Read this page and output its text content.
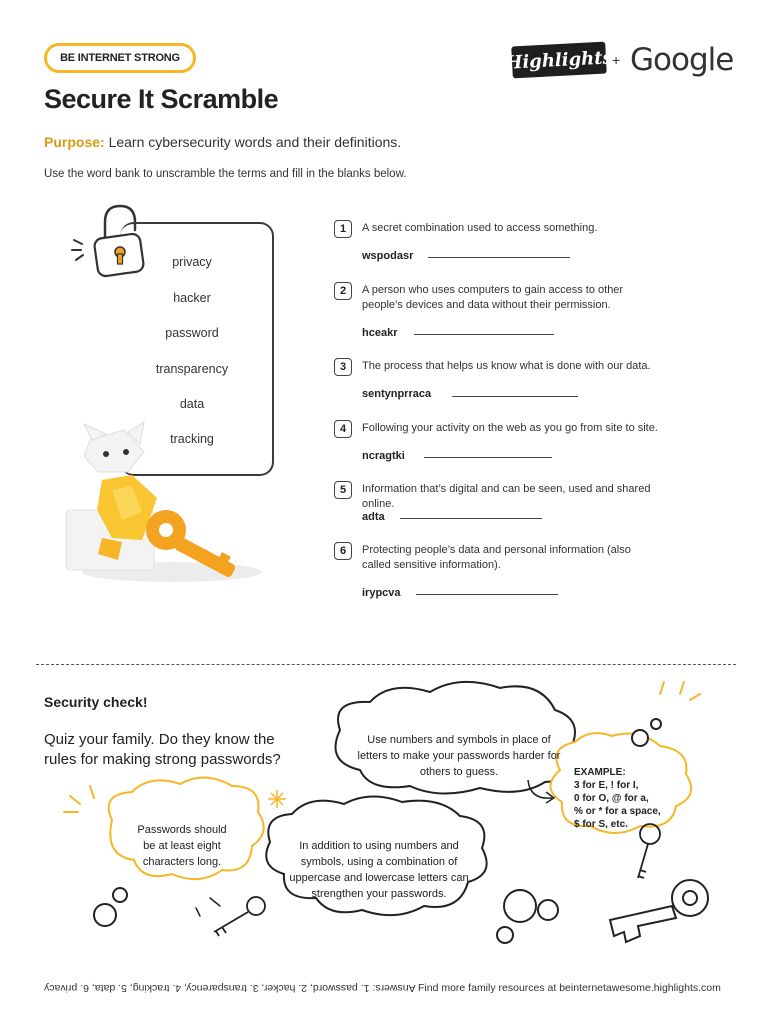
BE INTERNET STRONG	Highlights
+ Google
Secure It Scramble
Purpose: Learn cybersecurity words and their definitions.
Use the word bank to unscramble the terms and fill in the blanks below.
privacy
hacker
password
transparency
data
tracking
1	A secret combination used to access something.
wspodasr
2	A person who uses computers to gain access to other people’s devices and data without their permission.
hceakr
3	The process that helps us know what is done with our data.
sentynprraca
4	Following your activity on the web as you go from site to site.
ncragtki
5	Information that’s digital and can be seen, used and shared online.
adta
6	Protecting people’s data and personal information (also called sensitive information).
irypcva
Security check!
Quiz your family. Do they know the rules for making strong passwords?
Use numbers and symbols in place of letters to make your passwords harder for others to guess.	EXAMPLE:
3 for E, ! for I,
0 for O, @ for a,
% or * for a space,
$ for S, etc.
Passwords should be at least eight characters long.
In addition to using numbers and symbols, using a combination of uppercase and lowercase letters can strengthen your passwords.
Answers: 1. password, 2. hacker, 3. transparency, 4. tracking, 5. data, 6. privacy Find more family resources at beinternetawesome.highlights.com
